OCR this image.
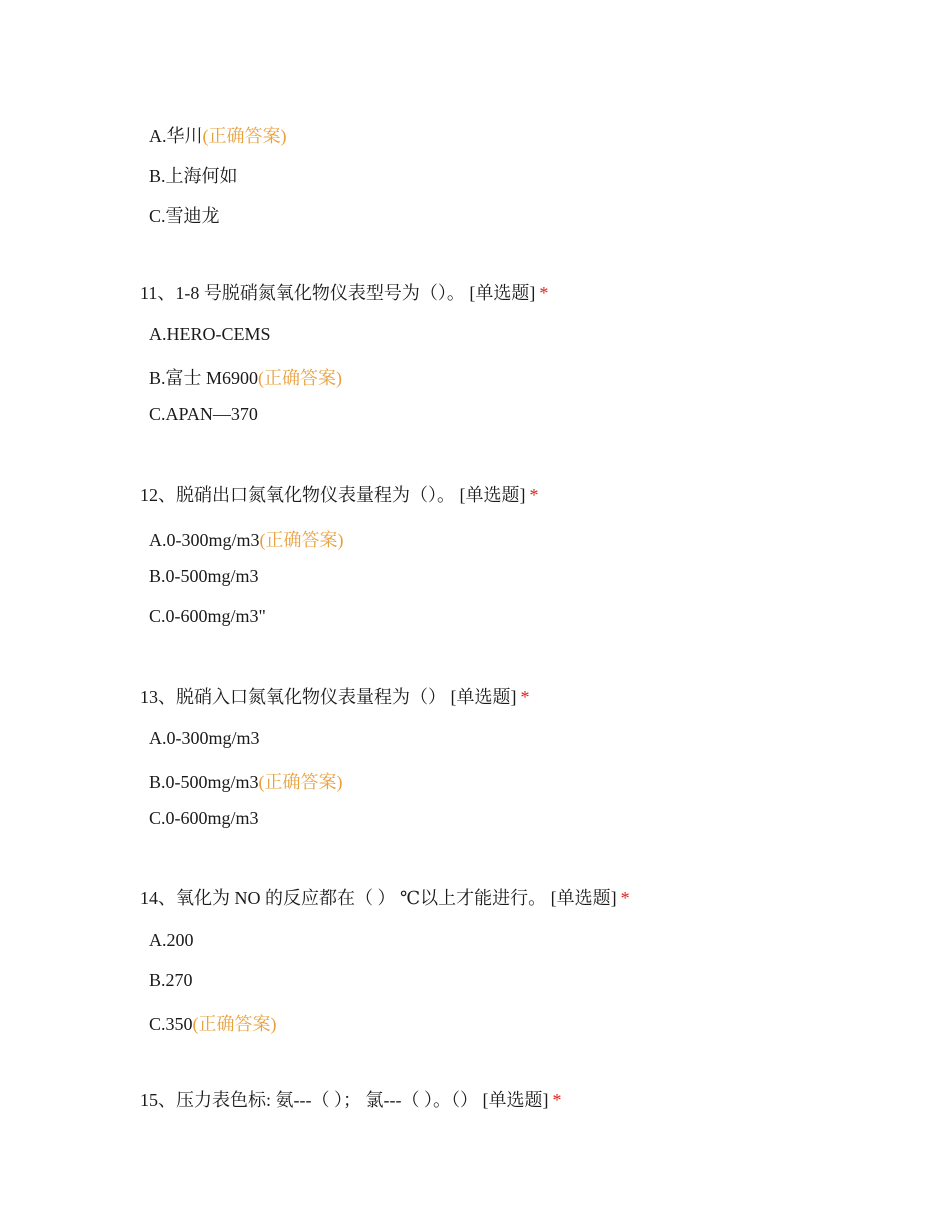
A.华川(正确答案)
B.上海何如
C.雪迪龙
11、1-8 号脱硝氮氧化物仪表型号为（）。 [单选题] *
A.HERO-CEMS
B.富士 M6900(正确答案)
C.APAN—370
12、脱硝出口氮氧化物仪表量程为（）。 [单选题] *
A.0-300mg/m3(正确答案)
B.0-500mg/m3
C.0-600mg/m3"
13、脱硝入口氮氧化物仪表量程为（） [单选题] *
A.0-300mg/m3
B.0-500mg/m3(正确答案)
C.0-600mg/m3
14、氧化为 NO 的反应都在（ ） ℃以上才能进行。 [单选题] *
A.200
B.270
C.350(正确答案)
15、压力表色标: 氨---（ ）； 氯---（ ）。（） [单选题] *
